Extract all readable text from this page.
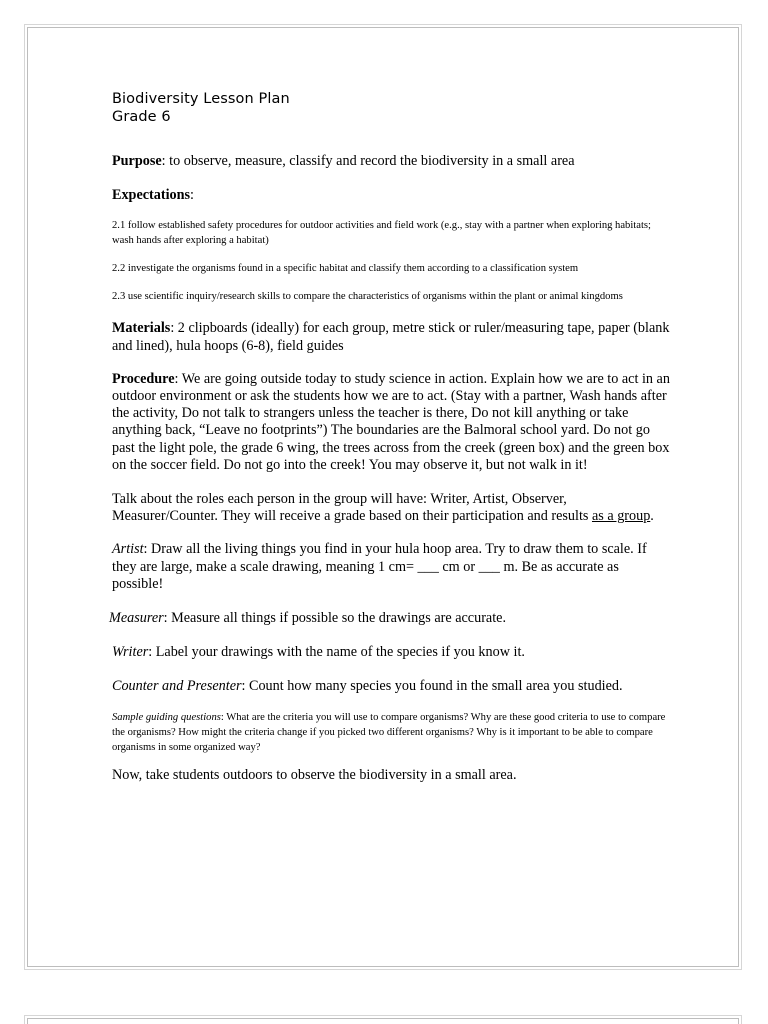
Biodiversity Lesson Plan

Grade 6

Purpose: to observe, measure, classify and record the biodiversity in a small area

Expectations:

2.1 follow established safety procedures for outdoor activities and field work (e.g., stay with a partner when exploring habitats; wash hands after exploring a habitat)

2.2 investigate the organisms found in a specific habitat and classify them according to a classification system

2.3 use scientific inquiry/research skills to compare the characteristics of organisms within the plant or animal kingdoms

Materials: 2 clipboards (ideally) for each group, metre stick or ruler/measuring tape, paper (blank and lined), hula hoops (6-8), field guides

Procedure: We are going outside today to study science in action. Explain how we are to act in an outdoor environment or ask the students how we are to act. (Stay with a partner, Wash hands after the activity, Do not talk to strangers unless the teacher is there, Do not kill anything or take anything back, “Leave no footprints”) The boundaries are the Balmoral school yard. Do not go past the light pole, the grade 6 wing, the trees across from the creek (green box) and the green box on the soccer field. Do not go into the creek! You may observe it, but not walk in it!

Talk about the roles each person in the group will have: Writer, Artist, Observer, Measurer/Counter. They will receive a grade based on their participation and results as a group.

Artist: Draw all the living things you find in your hula hoop area. Try to draw them to scale. If they are large, make a scale drawing, meaning 1 cm= ___ cm or ___ m. Be as accurate as possible!

Measurer: Measure all things if possible so the drawings are accurate.

Writer: Label your drawings with the name of the species if you know it.

Counter and Presenter: Count how many species you found in the small area you studied.

Sample guiding questions: What are the criteria you will use to compare organisms? Why are these good criteria to use to compare the organisms? How might the criteria change if you picked two different organisms? Why is it important to be able to compare organisms in some organized way?

Now, take students outdoors to observe the biodiversity in a small area.
